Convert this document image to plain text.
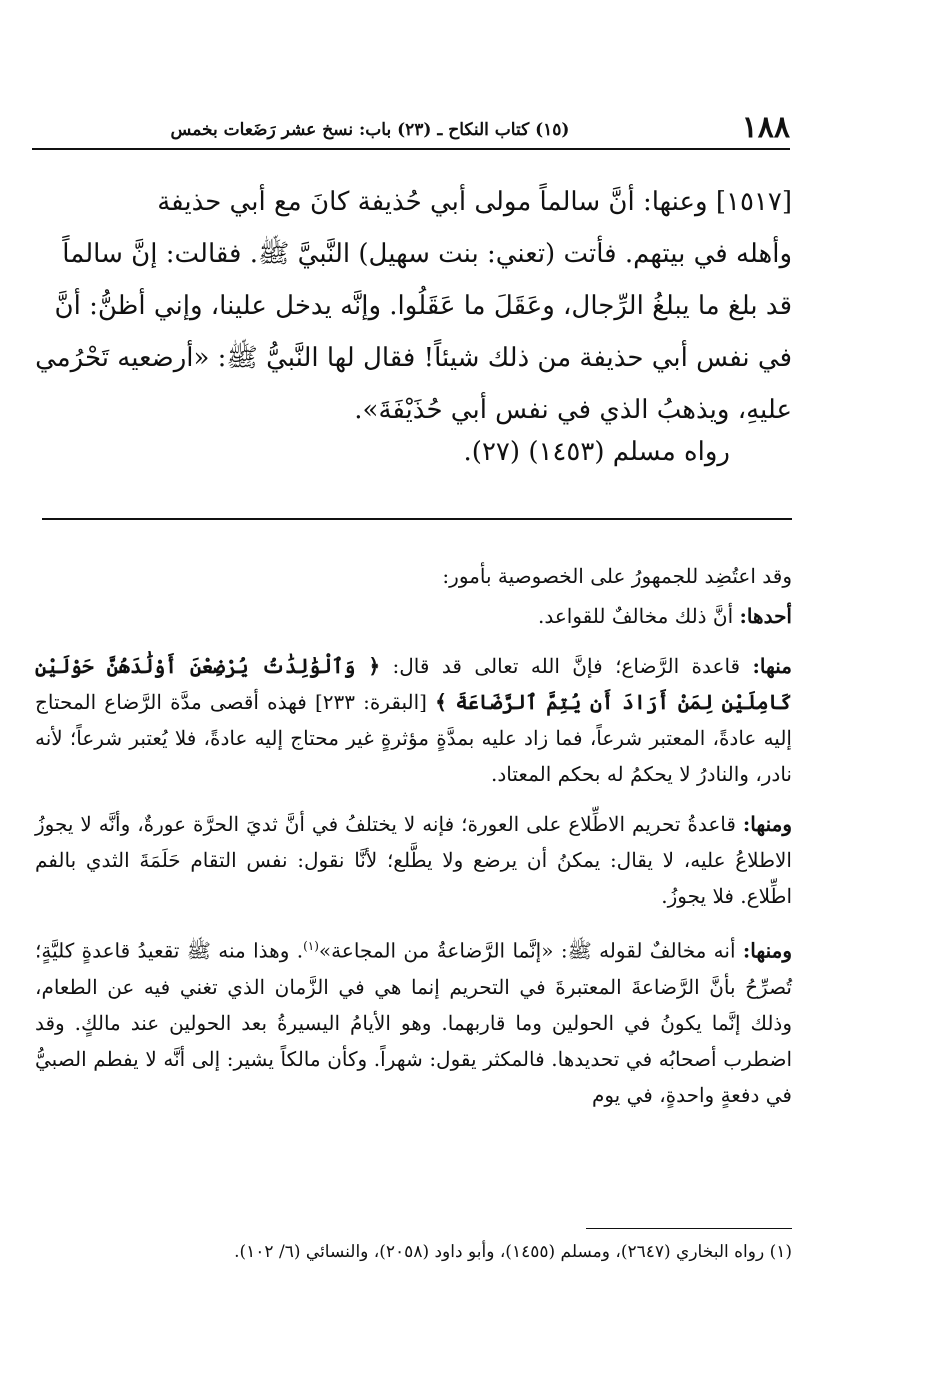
١٨٨
(١٥) كتاب النكاح ـ (٢٣) باب: نسخ عشر رَضَعات بخمس

[١٥١٧] وعنها: أنَّ سالماً مولى أبي حُذيفة كانَ مع أبي حذيفة

وأهله في بيتهم. فأتت (تعني: بنت سهيل) النَّبيَّ ﷺ. فقالت: إنَّ سالماً

قد بلغ ما يبلغُ الرِّجال، وعَقَلَ ما عَقَلُوا. وإنَّه يدخل علينا، وإني أظنُّ: أنَّ

في نفس أبي حذيفة من ذلك شيئاً! فقال لها النَّبيُّ ﷺ: «أرضعيه تَحْرُمي

عليهِ، ويذهبُ الذي في نفس أبي حُذَيْفَةَ».

رواه مسلم (١٤٥٣) (٢٧).

وقد اعتُضِد للجمهورُ على الخصوصية بأمور:

أحدها: أنَّ ذلك مخالفٌ للقواعد.

منها: قاعدة الرَّضاع؛ فإنَّ الله تعالى قد قال: ﴿ وَٱلْوَٰلِدَٰتُ يُرْضِعْنَ أَوْلَٰدَهُنَّ حَوْلَيْنِ كَامِلَيْنِ لِمَنْ أَرَادَ أَن يُتِمَّ ٱلرَّضَاعَةَ ﴾ [البقرة: ٢٣٣] فهذه أقصى مدَّة الرَّضاع المحتاج إليه عادةً، المعتبر شرعاً، فما زاد عليه بمدَّةٍ مؤثرةٍ غير محتاج إليه عادةً، فلا يُعتبر شرعاً؛ لأنه نادر، والنادرُ لا يحكمُ له بحكم المعتاد.

ومنها: قاعدةُ تحريم الاطِّلاع على العورة؛ فإنه لا يختلفُ في أنَّ ثديَ الحرَّة عورةٌ، وأنَّه لا يجوزُ الاطلاعُ عليه، لا يقال: يمكنُ أن يرضع ولا يطَّلع؛ لأنَّا نقول: نفس التقام حَلَمَةَ الثدي بالفم اطِّلاع. فلا يجوزُ.

ومنها: أنه مخالفٌ لقوله ﷺ: «إنَّما الرَّضاعةُ من المجاعة»$^{(١)}$. وهذا منه ﷺ تقعيدُ قاعدةٍ كليَّةٍ؛ تُصرِّحُ بأنَّ الرَّضاعةَ المعتبرةَ في التحريم إنما هي في الزَّمان الذي تغني فيه عن الطعام، وذلك إنَّما يكونُ في الحولين وما قاربهما. وهو الأيامُ اليسيرةُ بعد الحولين عند مالكٍ. وقد اضطرب أصحابُه في تحديدها. فالمكثر يقول: شهراً. وكأن مالكاً يشير: إلى أنَّه لا يفطم الصبيُّ في دفعةٍ واحدةٍ، في يوم

(١) رواه البخاري (٢٦٤٧)، ومسلم (١٤٥٥)، وأبو داود (٢٠٥٨)، والنسائي (٦/ ١٠٢).
